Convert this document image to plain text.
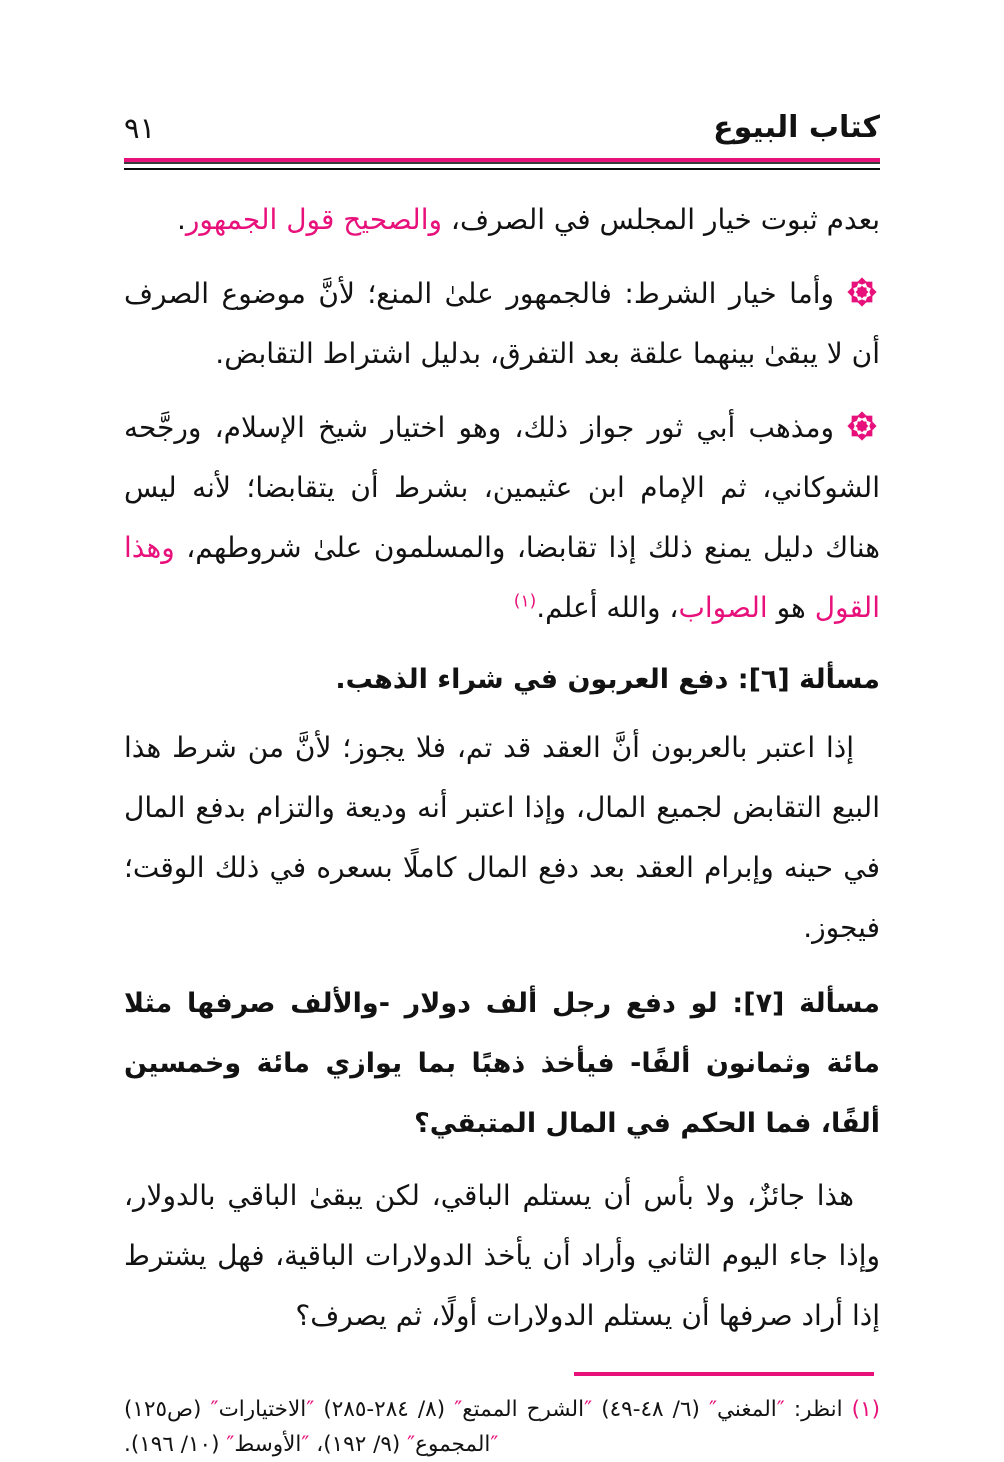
كتاب البيوع
٩١
بعدم ثبوت خيار المجلس في الصرف، والصحيح قول الجمهور.
وأما خيار الشرط: فالجمهور علىٰ المنع؛ لأنَّ موضوع الصرف أن لا يبقىٰ بينهما علقة بعد التفرق، بدليل اشتراط التقابض.
ومذهب أبي ثور جواز ذلك، وهو اختيار شيخ الإسلام، ورجَّحه الشوكاني، ثم الإمام ابن عثيمين، بشرط أن يتقابضا؛ لأنه ليس هناك دليل يمنع ذلك إذا تقابضا، والمسلمون علىٰ شروطهم، وهذا القول هو الصواب، والله أعلم.$^{(١)}$
مسألة [٦]: دفع العربون في شراء الذهب.
إذا اعتبر بالعربون أنَّ العقد قد تم، فلا يجوز؛ لأنَّ من شرط هذا البيع التقابض لجميع المال، وإذا اعتبر أنه وديعة والتزام بدفع المال في حينه وإبرام العقد بعد دفع المال كاملًا بسعره في ذلك الوقت؛ فيجوز.
مسألة [٧]: لو دفع رجل ألف دولار -والألف صرفها مثلا مائة وثمانون ألفًا- فيأخذ ذهبًا بما يوازي مائة وخمسين ألفًا، فما الحكم في المال المتبقي؟
هذا جائزٌ، ولا بأس أن يستلم الباقي، لكن يبقىٰ الباقي بالدولار، وإذا جاء اليوم الثاني وأراد أن يأخذ الدولارات الباقية، فهل يشترط إذا أراد صرفها أن يستلم الدولارات أولًا، ثم يصرف؟
(١) انظر: ″المغني″ (٦/ ٤٨-٤٩) ″الشرح الممتع″ (٨/ ٢٨٤-٢٨٥) ″الاختيارات″ (ص١٢٥)
″المجموع″ (٩/ ١٩٢)، ″الأوسط″ (١٠/ ١٩٦).
